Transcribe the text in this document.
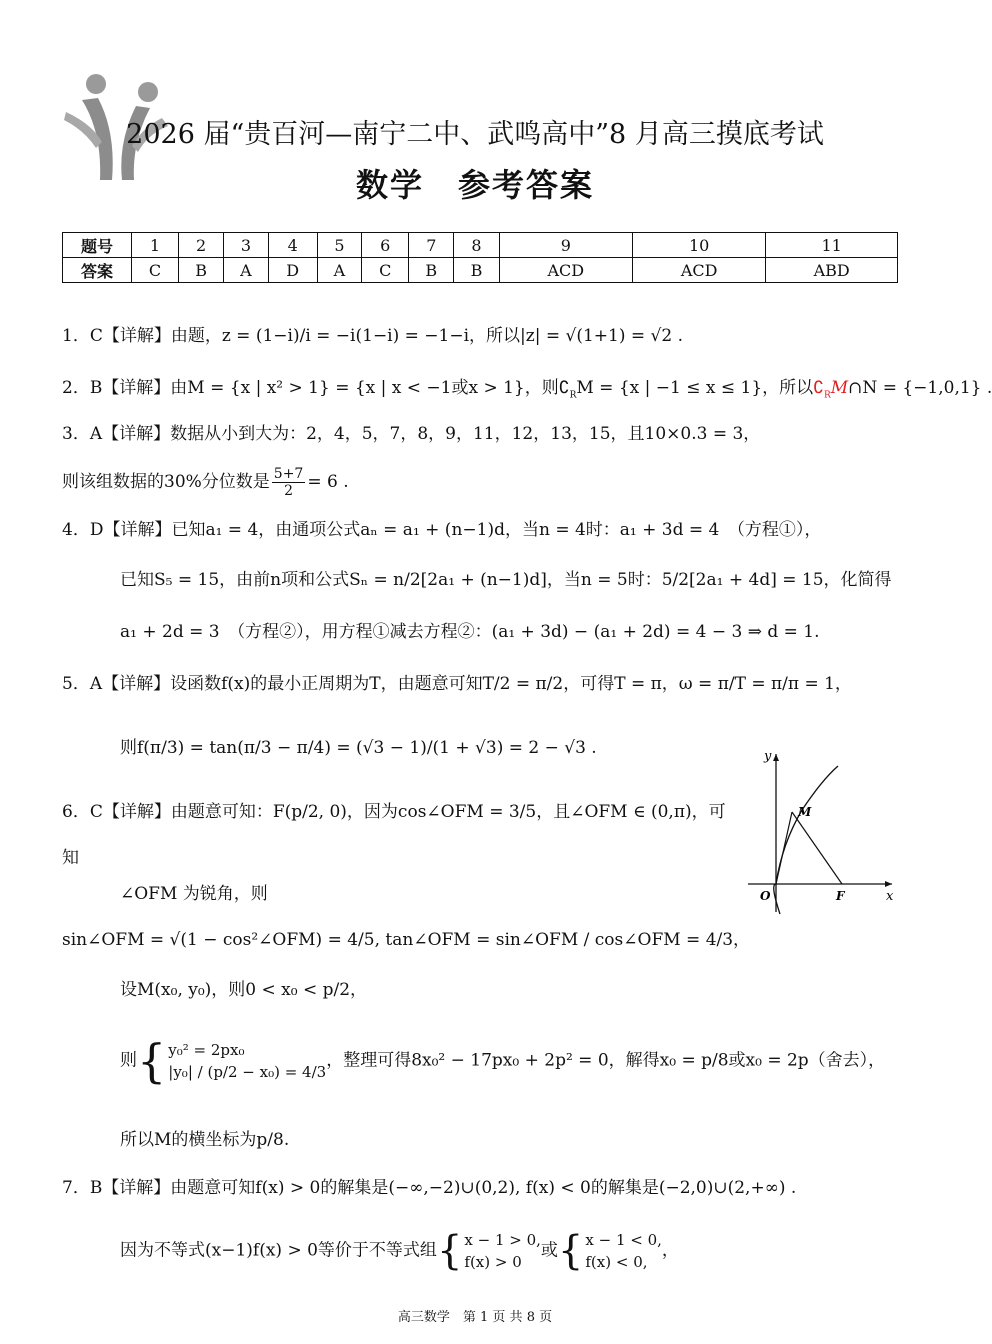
2026 届“贵百河—南宁二中、武鸣高中”8 月高三摸底考试
数学　参考答案
题号	1	2	3	4	5	6	7	8	9	10	11
答案	C	B	A	D	A	C	B	B	ACD	ACD	ABD
1．C【详解】由题，z = (1−i)/i = −i(1−i) = −1−i，所以|z| = √(1+1) = √2 .
2．B【详解】由M = {x | x² > 1} = {x | x < −1或x > 1}，则$∁_RM = \{x$ | −1 ≤ x ≤ 1}，所以$∁_RM\cap N = \{-1,0,1\}$ .
3．A【详解】数据从小到大为：2，4，5，7，8，9，11，12，13，15，且10×0.3 = 3，
则该组数据的30%分位数是 $\frac{5+7}{2} = 6$ .
4．D【详解】已知a₁ = 4，由通项公式aₙ = a₁ + (n−1)d，当n = 4时：a₁ + 3d = 4　（方程①），
已知S₅ = 15，由前n项和公式Sₙ = n/2[2a₁ + (n−1)d]，当n = 5时：5/2[2a₁ + 4d] = 15，化简得
a₁ + 2d = 3　（方程②），用方程①减去方程②：(a₁ + 3d) − (a₁ + 2d) = 4 − 3 ⇒ d = 1.
5．A【详解】设函数f(x)的最小正周期为T，由题意可知T/2 = π/2，可得T = π，ω = π/T = π/π = 1，
则f(π/3) = tan(π/3 − π/4) = (√3 − 1)/(1 + √3) = 2 − √3 .
6．C【详解】由题意可知：F(p/2, 0)，因为cos∠OFM = 3/5，且∠OFM ∈ (0,π)，可
知
∠OFM 为锐角，则
sin∠OFM = √(1 − cos²∠OFM) = 4/5, tan∠OFM = sin∠OFM / cos∠OFM = 4/3，
设M(x₀, y₀)，则0 < x₀ < p/2，
则{ y₀² = 2px₀
|y₀| / (p/2 − x₀) = 4/3，整理可得8x₀² − 17px₀ + 2p² = 0，解得x₀ = p/8或x₀ = 2p（舍去），
所以M的横坐标为p/8.
7．B【详解】由题意可知f(x) > 0的解集是(−∞,−2)∪(0,2), f(x) < 0的解集是(−2,0)∪(2,+∞) .
因为不等式(x−1)f(x) > 0等价于不等式组{ x − 1 > 0,
f(x) > 0或{ x − 1 < 0,
f(x) < 0,，
y
x
O
M
F
高三数学　第 1 页 共 8 页
